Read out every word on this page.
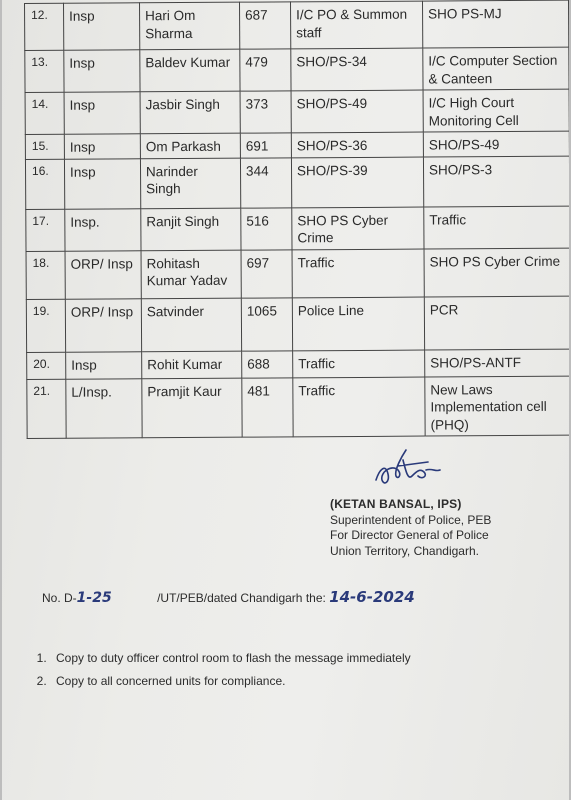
12.	Insp	Hari Om Sharma	687	I/C PO & Summon staff	SHO PS-MJ
13.	Insp	Baldev Kumar	479	SHO/PS-34	I/C Computer Section & Canteen
14.	Insp	Jasbir Singh	373	SHO/PS-49	I/C High Court Monitoring Cell
15.	Insp	Om Parkash	691	SHO/PS-36	SHO/PS-49
16.	Insp	Narinder Singh	344	SHO/PS-39	SHO/PS-3
17.	Insp.	Ranjit Singh	516	SHO PS Cyber Crime	Traffic
18.	ORP/ Insp	Rohitash Kumar Yadav	697	Traffic	SHO PS Cyber Crime
19.	ORP/ Insp	Satvinder	1065	Police Line	PCR
20.	Insp	Rohit Kumar	688	Traffic	SHO/PS-ANTF
21.	L/Insp.	Pramjit Kaur	481	Traffic	New Laws Implementation cell (PHQ)
(KETAN BANSAL, IPS)
Superintendent of Police, PEB
For Director General of Police
Union Territory, Chandigarh.
No. D-1-25	/UT/PEB/dated Chandigarh the: 14-6-2024
1. Copy to duty officer control room to flash the message immediately
2. Copy to all concerned units for compliance.
